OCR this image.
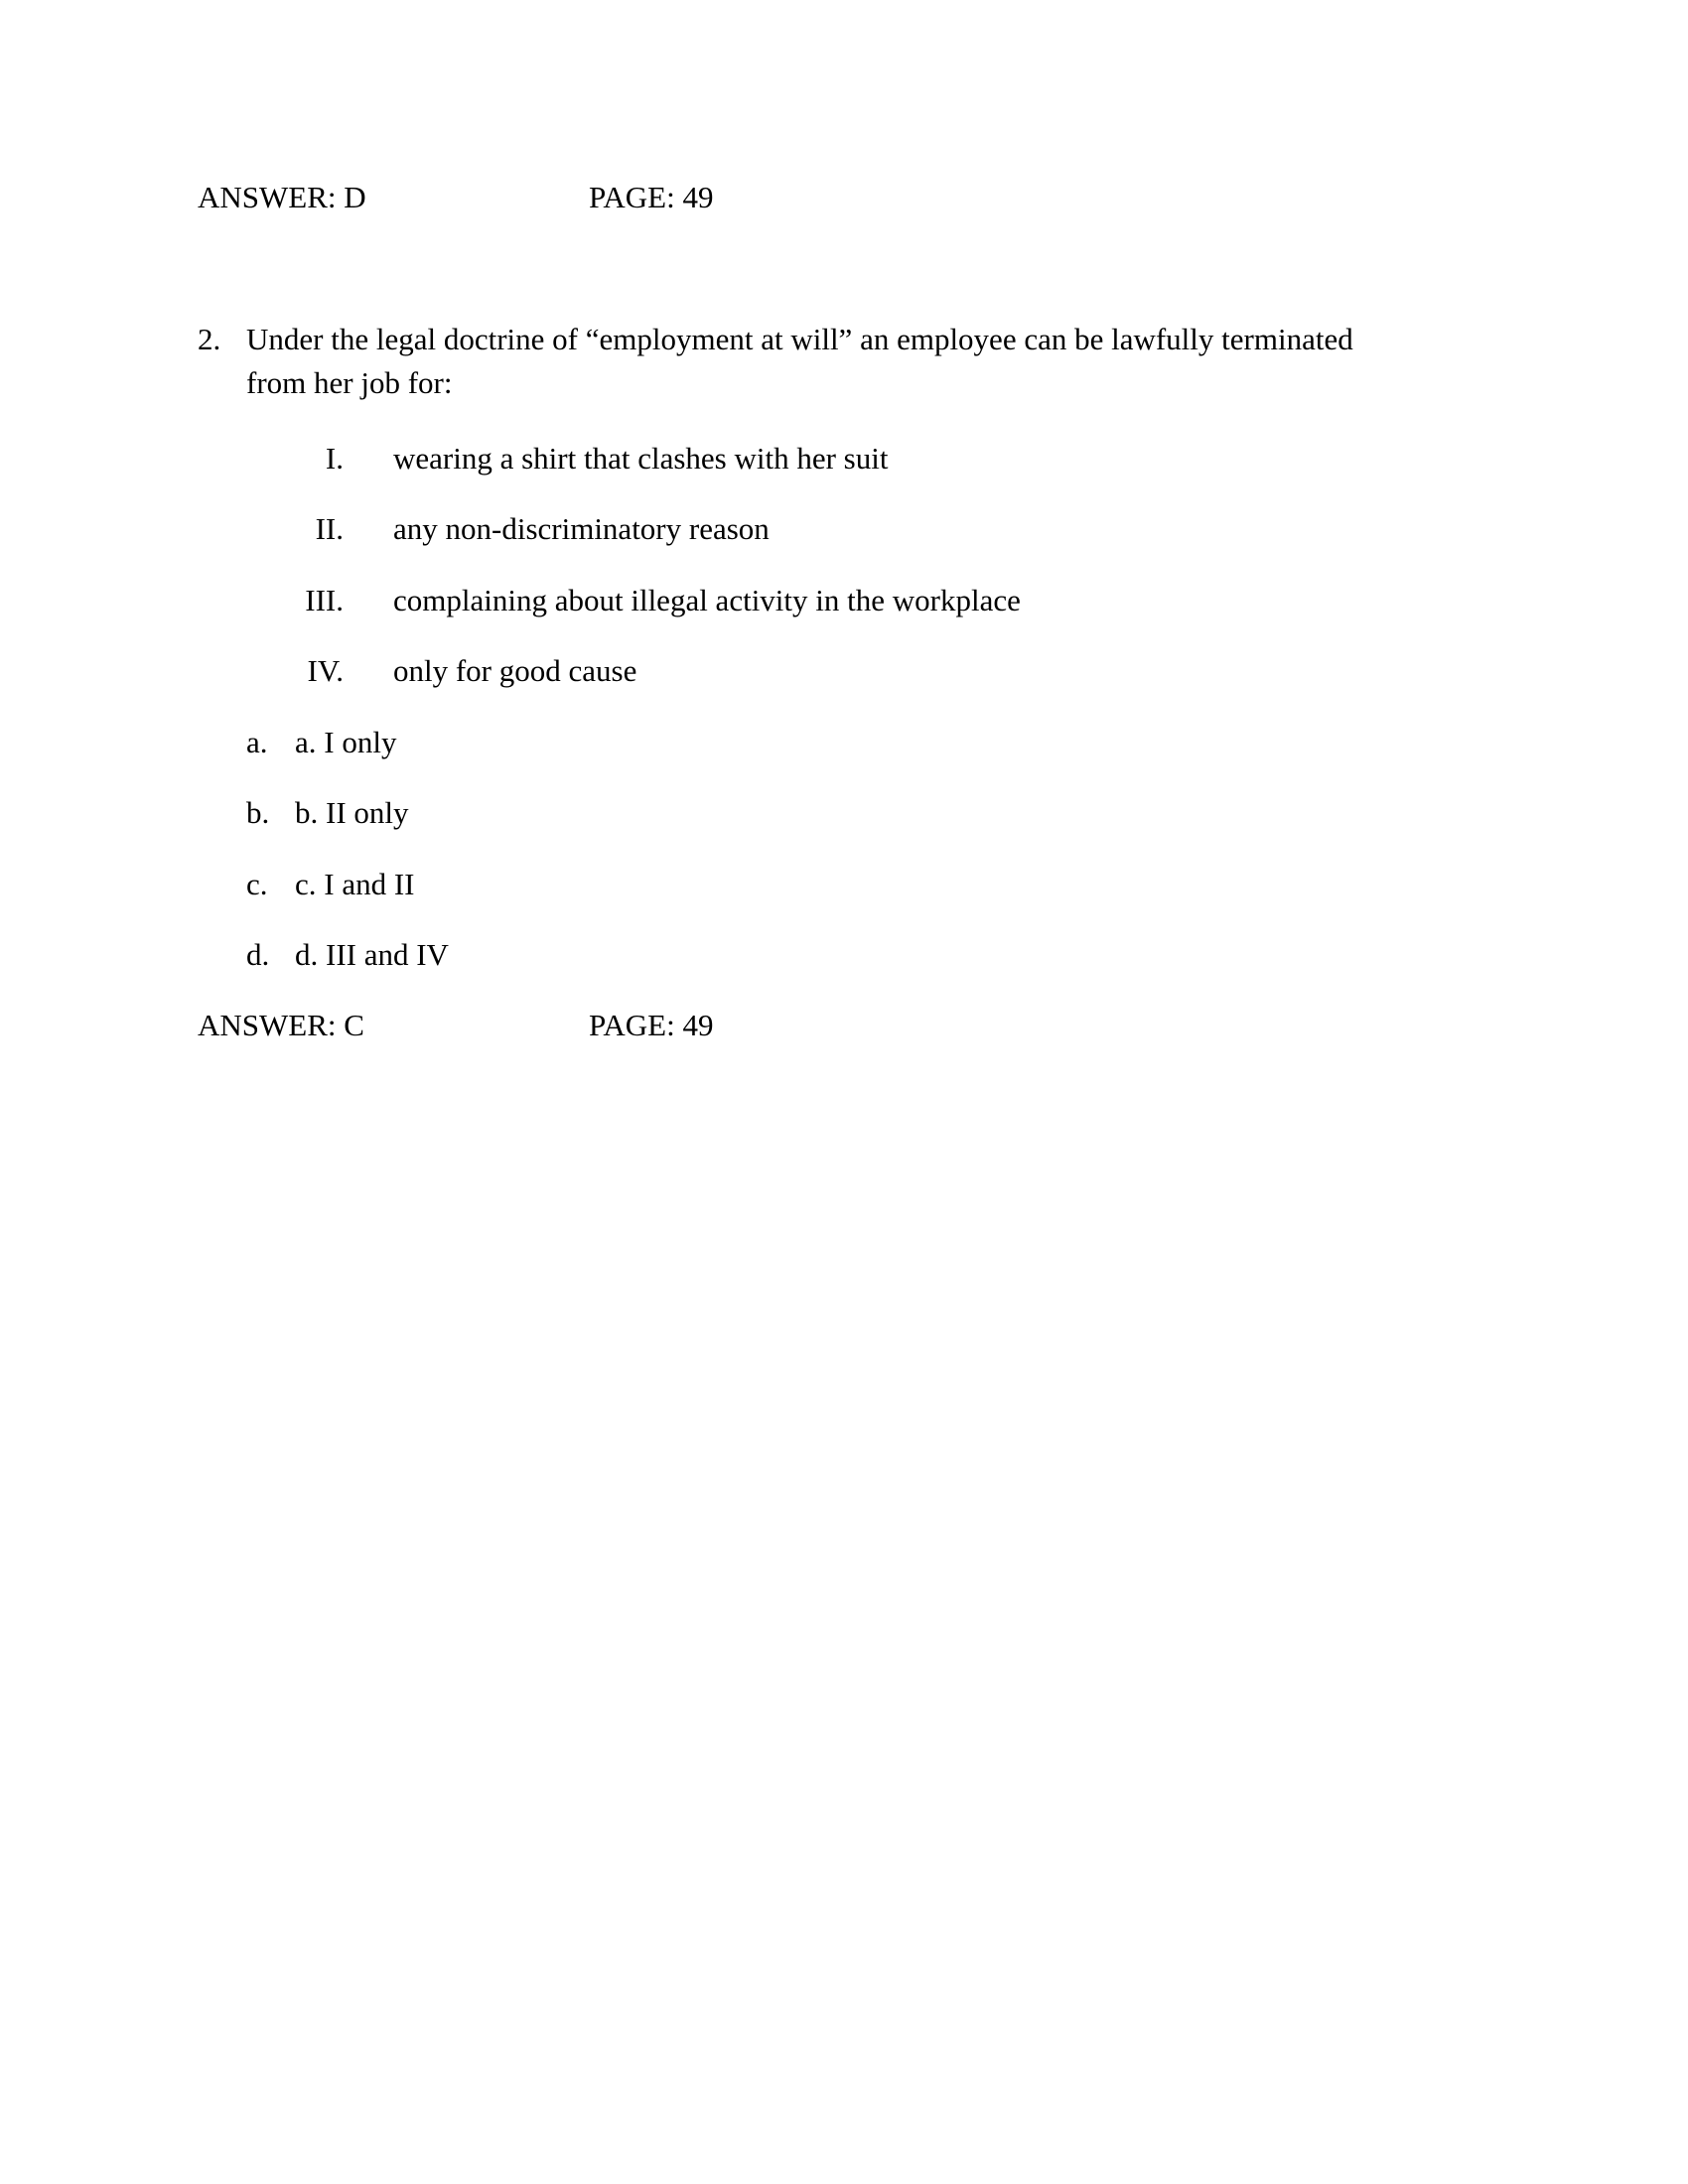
ANSWER: D	PAGE: 49
2. Under the legal doctrine of “employment at will” an employee can be lawfully terminated
from her job for:
I. wearing a shirt that clashes with her suit
II. any non-discriminatory reason
III. complaining about illegal activity in the workplace
IV. only for good cause
a. a. I only
b. b. II only
c. c. I and II
d. d. III and IV
ANSWER: C	PAGE: 49
